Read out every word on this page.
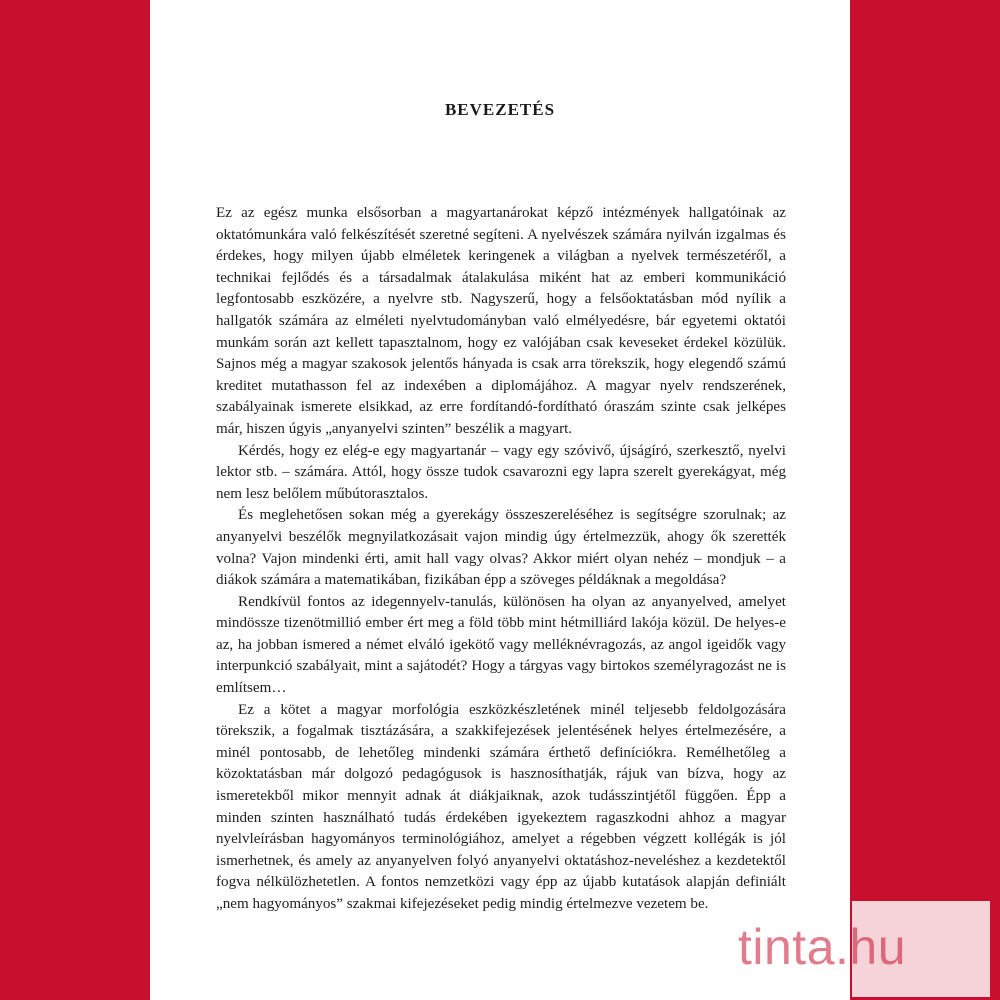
BEVEZETÉS

Ez az egész munka elsősorban a magyartanárokat képző intézmények hallgatóinak az oktatómunkára való felkészítését szeretné segíteni. A nyelvészek számára nyilván izgalmas és érdekes, hogy milyen újabb elméletek keringenek a világban a nyelvek természetéről, a technikai fejlődés és a társadalmak átalakulása miként hat az emberi kommunikáció legfontosabb eszközére, a nyelvre stb. Nagyszerű, hogy a felsőoktatásban mód nyílik a hallgatók számára az elméleti nyelvtudományban való elmélyedésre, bár egyetemi oktatói munkám során azt kellett tapasztalnom, hogy ez valójában csak keveseket érdekel közülük. Sajnos még a magyar szakosok jelentős hányada is csak arra törekszik, hogy elegendő számú kreditet mutathasson fel az indexében a diplomájához. A magyar nyelv rendszerének, szabályainak ismerete elsikkad, az erre fordítandó-fordítható óraszám szinte csak jelképes már, hiszen úgyis „anyanyelvi szinten” beszélik a magyart.

Kérdés, hogy ez elég-e egy magyartanár – vagy egy szóvivő, újságíró, szerkesztő, nyelvi lektor stb. – számára. Attól, hogy össze tudok csavarozni egy lapra szerelt gyerekágyat, még nem lesz belőlem műbútorasztalos.

És meglehetősen sokan még a gyerekágy összeszereléséhez is segítségre szorulnak; az anyanyelvi beszélők megnyilatkozásait vajon mindig úgy értelmezzük, ahogy ők szerették volna? Vajon mindenki érti, amit hall vagy olvas? Akkor miért olyan nehéz – mondjuk – a diákok számára a matematikában, fizikában épp a szöveges példáknak a megoldása?

Rendkívül fontos az idegennyelv-tanulás, különösen ha olyan az anyanyelved, amelyet mindössze tizenötmillió ember ért meg a föld több mint hétmilliárd lakója közül. De helyes-e az, ha jobban ismered a német elváló igekötő vagy melléknévragozás, az angol igeidők vagy interpunkció szabályait, mint a sajátodét? Hogy a tárgyas vagy birtokos személyragozást ne is említsem…

Ez a kötet a magyar morfológia eszközkészletének minél teljesebb feldolgozására törekszik, a fogalmak tisztázására, a szakkifejezések jelentésének helyes értelmezésére, a minél pontosabb, de lehetőleg mindenki számára érthető definíciókra. Remélhetőleg a közoktatásban már dolgozó pedagógusok is hasznosíthatják, rájuk van bízva, hogy az ismeretekből mikor mennyit adnak át diákjaiknak, azok tudásszintjétől függően. Épp a minden szinten használható tudás érdekében igyekeztem ragaszkodni ahhoz a magyar nyelvleírásban hagyományos terminológiához, amelyet a régebben végzett kollégák is jól ismerhetnek, és amely az anyanyelven folyó anyanyelvi oktatáshoz-neveléshez a kezdetektől fogva nélkülözhetetlen. A fontos nemzetközi vagy épp az újabb kutatások alapján definiált „nem hagyományos” szakmai kifejezéseket pedig mindig értelmezve vezetem be.

tinta.hu
